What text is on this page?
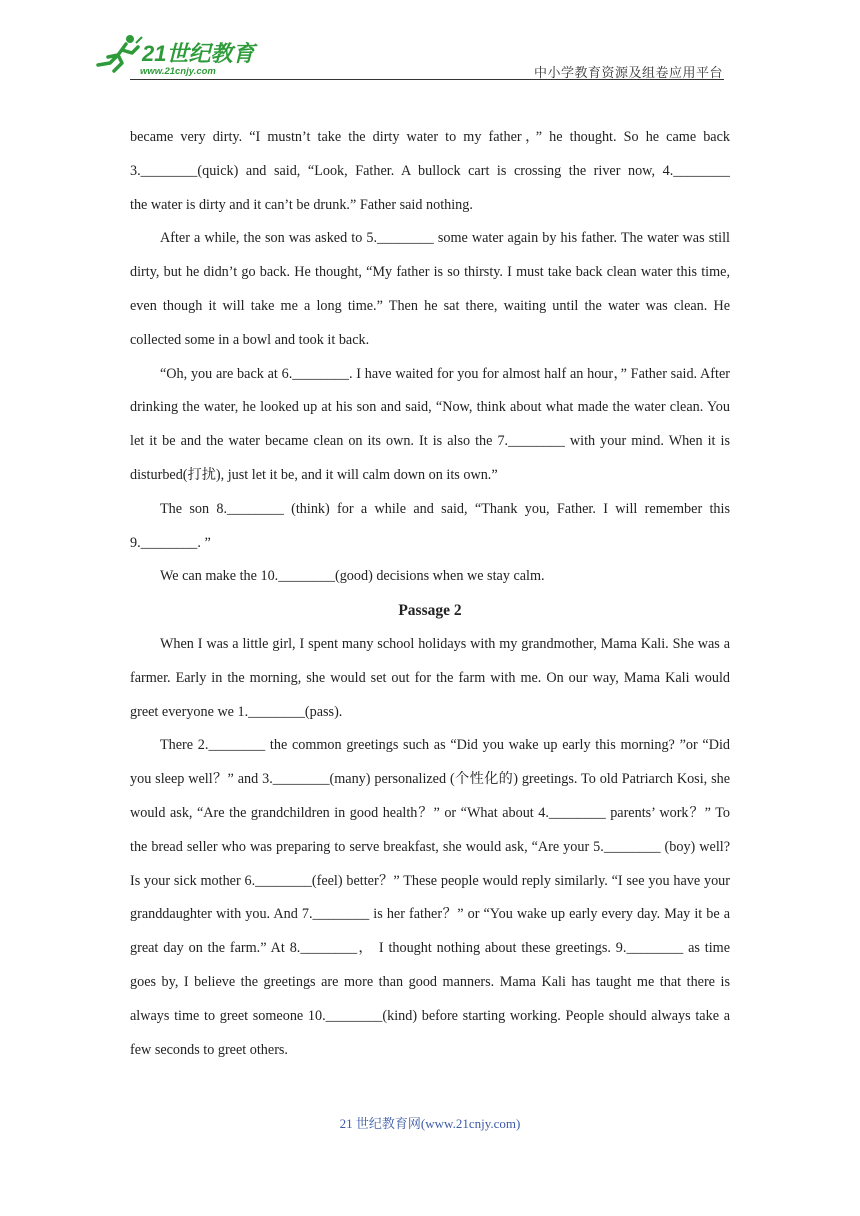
21世纪教育
www.21cnjy.com	中小学教育资源及组卷应用平台

became very dirty. “I mustn’t take the dirty water to my father，” he thought. So he came back
3.________(quick) and said, “Look, Father. A bullock cart is crossing the river now, 4.________
the water is dirty and it can’t be drunk.” Father said nothing.

After a while, the son was asked to 5.________ some water again by his father. The water was still dirty, but he didn’t go back. He thought, “My father is so thirsty. I must take back clean water this time, even though it will take me a long time.” Then he sat there, waiting until the water was clean. He collected some in a bowl and took it back.

“Oh, you are back at 6.________. I have waited for you for almost half an hour，” Father said. After drinking the water, he looked up at his son and said, “Now, think about what made the water clean. You let it be and the water became clean on its own. It is also the 7.________ with your mind. When it is disturbed(打扰), just let it be, and it will calm down on its own.”

The son 8.________ (think) for a while and said, “Thank you, Father. I will remember this 9.________. ”

We can make the 10.________(good) decisions when we stay calm.

Passage 2

When I was a little girl, I spent many school holidays with my grandmother, Mama Kali. She was a farmer. Early in the morning, she would set out for the farm with me. On our way, Mama Kali would greet everyone we 1.________(pass).

There 2.________ the common greetings such as “Did you wake up early this morning? ”or “Did you sleep well？” and 3.________(many) personalized (个性化的) greetings. To old Patriarch Kosi, she would ask, “Are the grandchildren in good health？” or “What about 4.________ parents’ work？” To the bread seller who was preparing to serve breakfast, she would ask, “Are your 5.________ (boy) well? Is your sick mother 6.________(feel) better？” These people would reply similarly. “I see you have your granddaughter with you. And 7.________ is her father？” or “You wake up early every day. May it be a great day on the farm.” At 8.________， I thought nothing about these greetings. 9.________ as time goes by, I believe the greetings are more than good manners. Mama Kali has taught me that there is always time to greet someone 10.________(kind) before starting working. People should always take a few seconds to greet others.

21 世纪教育网(www.21cnjy.com)
